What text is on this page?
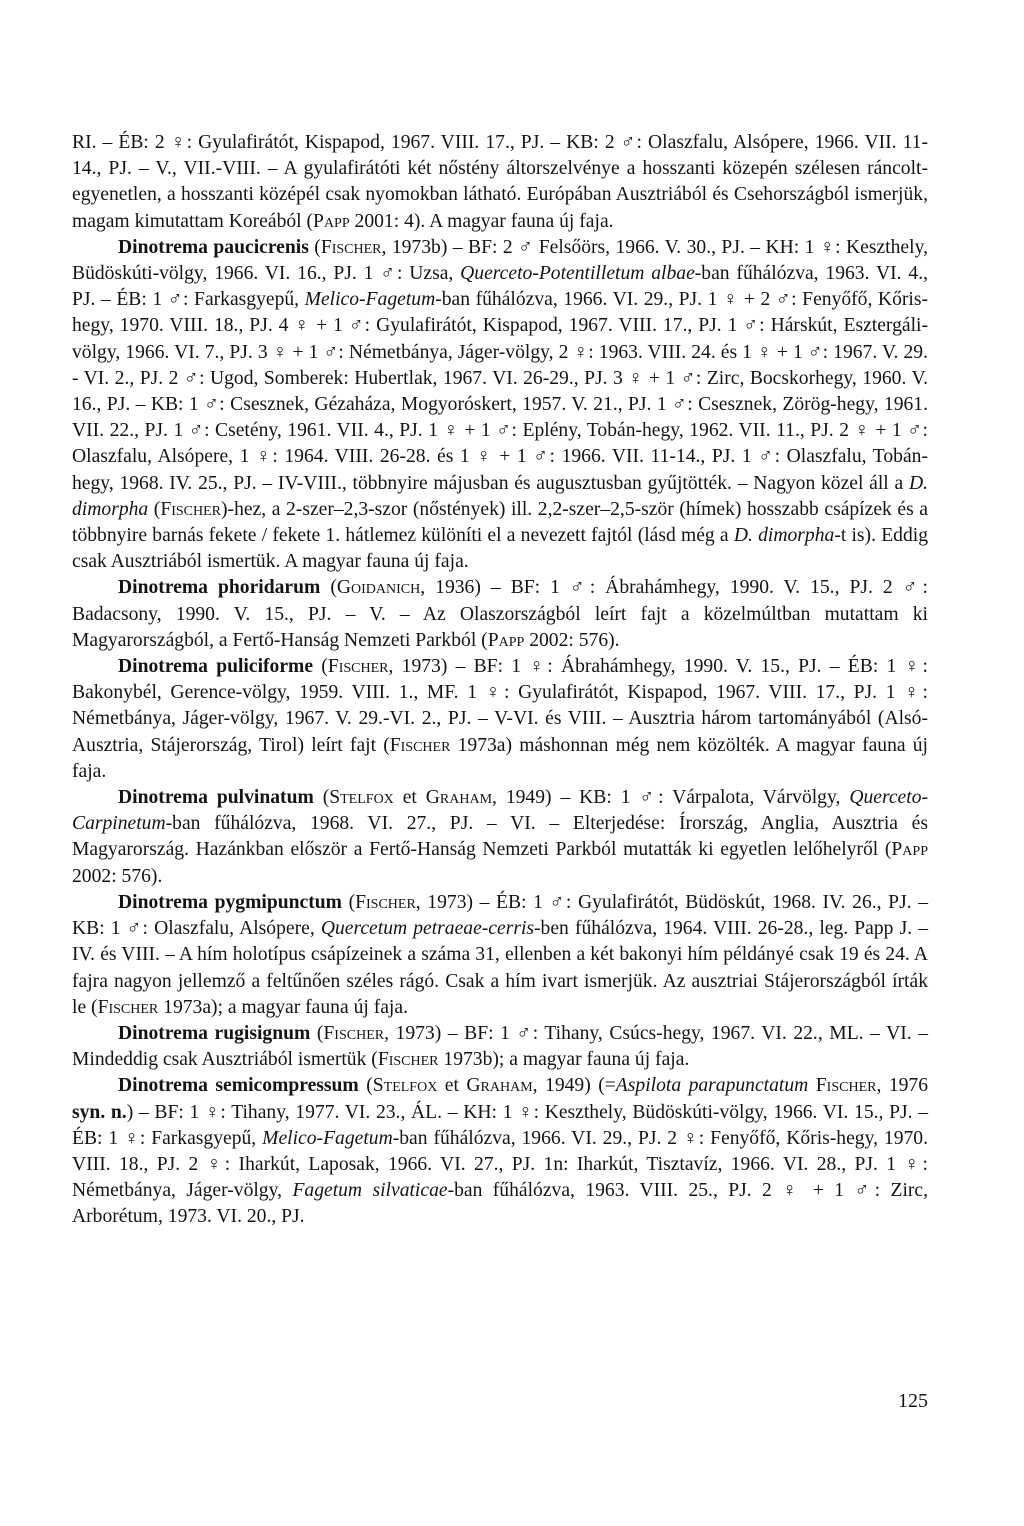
RI. – ÉB: 2 ♀: Gyulafirátót, Kispapod, 1967. VIII. 17., PJ. – KB: 2 ♂: Olaszfalu, Alsópere, 1966. VII. 11-14., PJ. – V., VII.-VIII. – A gyulafirátóti két nőstény áltorszelvénye a hosszanti közepén szélesen ráncolt-egyenetlen, a hosszanti középél csak nyomokban látható. Európában Ausztriából és Csehországból ismerjük, magam kimutattam Koreából (Papp 2001: 4). A magyar fauna új faja.

Dinotrema paucicrenis (Fischer, 1973b) – BF: 2 ♂ Felsőörs, 1966. V. 30., PJ. – KH: 1 ♀: Keszthely, Büdöskúti-völgy, 1966. VI. 16., PJ. 1 ♂: Uzsa, Querceto-Potentilletum albae-ban fűhálózva, 1963. VI. 4., PJ. – ÉB: 1 ♂: Farkasgyepű, Melico-Fagetum-ban fűhálózva, 1966. VI. 29., PJ. 1 ♀ + 2 ♂: Fenyőfő, Kőris-hegy, 1970. VIII. 18., PJ. 4 ♀ + 1 ♂: Gyulafirátót, Kispapod, 1967. VIII. 17., PJ. 1 ♂: Hárskút, Esztergáli-völgy, 1966. VI. 7., PJ. 3 ♀ + 1 ♂: Németbánya, Jáger-völgy, 2 ♀: 1963. VIII. 24. és 1 ♀ + 1 ♂: 1967. V. 29. - VI. 2., PJ. 2 ♂: Ugod, Somberek: Hubertlak, 1967. VI. 26-29., PJ. 3 ♀ + 1 ♂: Zirc, Bocskorhegy, 1960. V. 16., PJ. – KB: 1 ♂: Csesznek, Gézaháza, Mogyoróskert, 1957. V. 21., PJ. 1 ♂: Csesznek, Zörög-hegy, 1961. VII. 22., PJ. 1 ♂: Csetény, 1961. VII. 4., PJ. 1 ♀ + 1 ♂: Eplény, Tobán-hegy, 1962. VII. 11., PJ. 2 ♀ + 1 ♂: Olaszfalu, Alsópere, 1 ♀: 1964. VIII. 26-28. és 1 ♀ + 1 ♂: 1966. VII. 11-14., PJ. 1 ♂: Olaszfalu, Tobán-hegy, 1968. IV. 25., PJ. – IV-VIII., többnyire májusban és augusztusban gyűjtötték. – Nagyon közel áll a D. dimorpha (Fischer)-hez, a 2-szer–2,3-szor (nőstények) ill. 2,2-szer–2,5-ször (hímek) hosszabb csápízek és a többnyire barnás fekete / fekete 1. hátlemez különíti el a nevezett fajtól (lásd még a D. dimorpha-t is). Eddig csak Ausztriából ismertük. A magyar fauna új faja.

Dinotrema phoridarum (Goidanich, 1936) – BF: 1 ♂: Ábrahámhegy, 1990. V. 15., PJ. 2 ♂: Badacsony, 1990. V. 15., PJ. – V. – Az Olaszországból leírt fajt a közelmúltban mutattam ki Magyarországból, a Fertő-Hanság Nemzeti Parkból (Papp 2002: 576).

Dinotrema puliciforme (Fischer, 1973) – BF: 1 ♀: Ábrahámhegy, 1990. V. 15., PJ. – ÉB: 1 ♀: Bakonybél, Gerence-völgy, 1959. VIII. 1., MF. 1 ♀: Gyulafirátót, Kispapod, 1967. VIII. 17., PJ. 1 ♀: Németbánya, Jáger-völgy, 1967. V. 29.-VI. 2., PJ. – V-VI. és VIII. – Ausztria három tartományából (Alsó-Ausztria, Stájerország, Tirol) leírt fajt (Fischer 1973a) máshonnan még nem közölték. A magyar fauna új faja.

Dinotrema pulvinatum (Stelfox et Graham, 1949) – KB: 1 ♂: Várpalota, Várvölgy, Querceto-Carpinetum-ban fűhálózva, 1968. VI. 27., PJ. – VI. – Elterjedése: Írország, Anglia, Ausztria és Magyarország. Hazánkban először a Fertő-Hanság Nemzeti Parkból mutatták ki egyetlen lelőhelyről (Papp 2002: 576).

Dinotrema pygmipunctum (Fischer, 1973) – ÉB: 1 ♂: Gyulafirátót, Büdöskút, 1968. IV. 26., PJ. – KB: 1 ♂: Olaszfalu, Alsópere, Quercetum petraeae-cerris-ben fűhálózva, 1964. VIII. 26-28., leg. Papp J. – IV. és VIII. – A hím holotípus csápízeinek a száma 31, ellenben a két bakonyi hím példányé csak 19 és 24. A fajra nagyon jellemző a feltűnően széles rágó. Csak a hím ivart ismerjük. Az ausztriai Stájerországból írták le (Fischer 1973a); a magyar fauna új faja.

Dinotrema rugisignum (Fischer, 1973) – BF: 1 ♂: Tihany, Csúcs-hegy, 1967. VI. 22., ML. – VI. – Mindeddig csak Ausztriából ismertük (Fischer 1973b); a magyar fauna új faja.

Dinotrema semicompressum (Stelfox et Graham, 1949) (=Aspilota parapunctatum Fischer, 1976 syn. n.) – BF: 1 ♀: Tihany, 1977. VI. 23., ÁL. – KH: 1 ♀: Keszthely, Büdöskúti-völgy, 1966. VI. 15., PJ. – ÉB: 1 ♀: Farkasgyepű, Melico-Fagetum-ban fűhálózva, 1966. VI. 29., PJ. 2 ♀: Fenyőfő, Kőris-hegy, 1970. VIII. 18., PJ. 2 ♀: Iharkút, Laposak, 1966. VI. 27., PJ. 1n: Iharkút, Tisztavíz, 1966. VI. 28., PJ. 1 ♀: Németbánya, Jáger-völgy, Fagetum silvaticae-ban fűhálózva, 1963. VIII. 25., PJ. 2 ♀ + 1 ♂: Zirc, Arborétum, 1973. VI. 20., PJ.

125
